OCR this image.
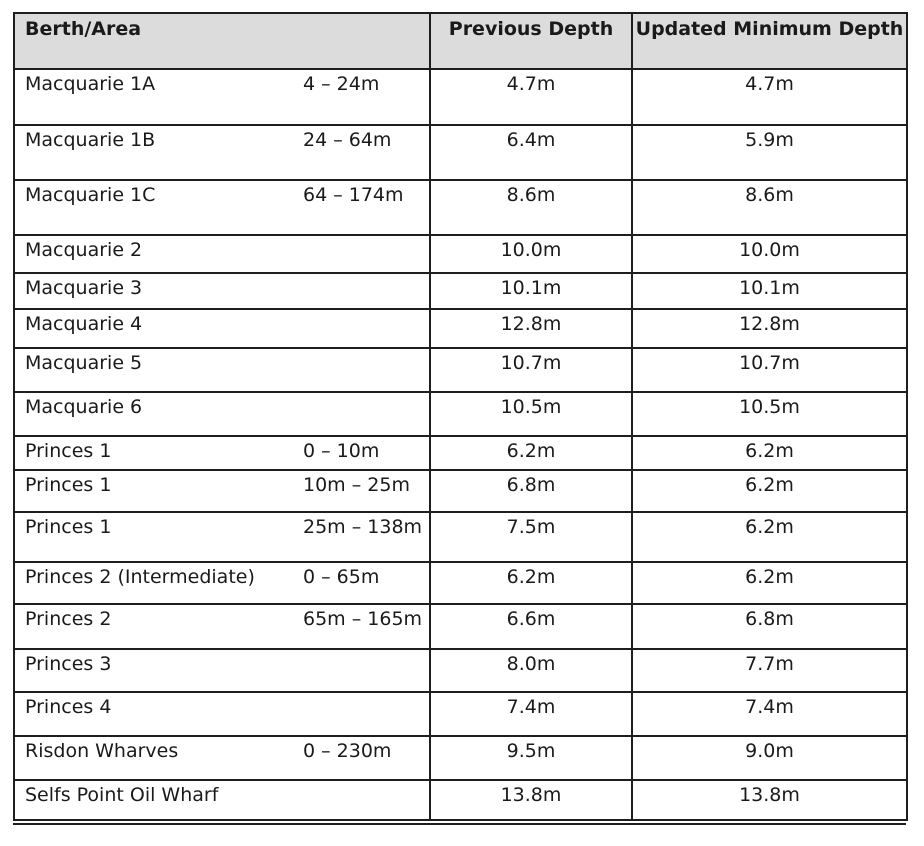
Berth/Area	Previous Depth	Updated Minimum Depth

Macquarie 1A 4 – 24m	4.7m	4.7m

Macquarie 1B 24 – 64m	6.4m	5.9m

Macquarie 1C 64 – 174m	8.6m	8.6m

Macquarie 2	10.0m	10.0m

Macquarie 3	10.1m	10.1m

Macquarie 4	12.8m	12.8m

Macquarie 5	10.7m	10.7m

Macquarie 6	10.5m	10.5m

Princes 1 0 – 10m	6.2m	6.2m

Princes 1 10m – 25m	6.8m	6.2m

Princes 1 25m – 138m	7.5m	6.2m

Princes 2 (Intermediate) 0 – 65m	6.2m	6.2m

Princes 2 65m – 165m	6.6m	6.8m

Princes 3	8.0m	7.7m

Princes 4	7.4m	7.4m

Risdon Wharves 0 – 230m	9.5m	9.0m

Selfs Point Oil Wharf	13.8m	13.8m
